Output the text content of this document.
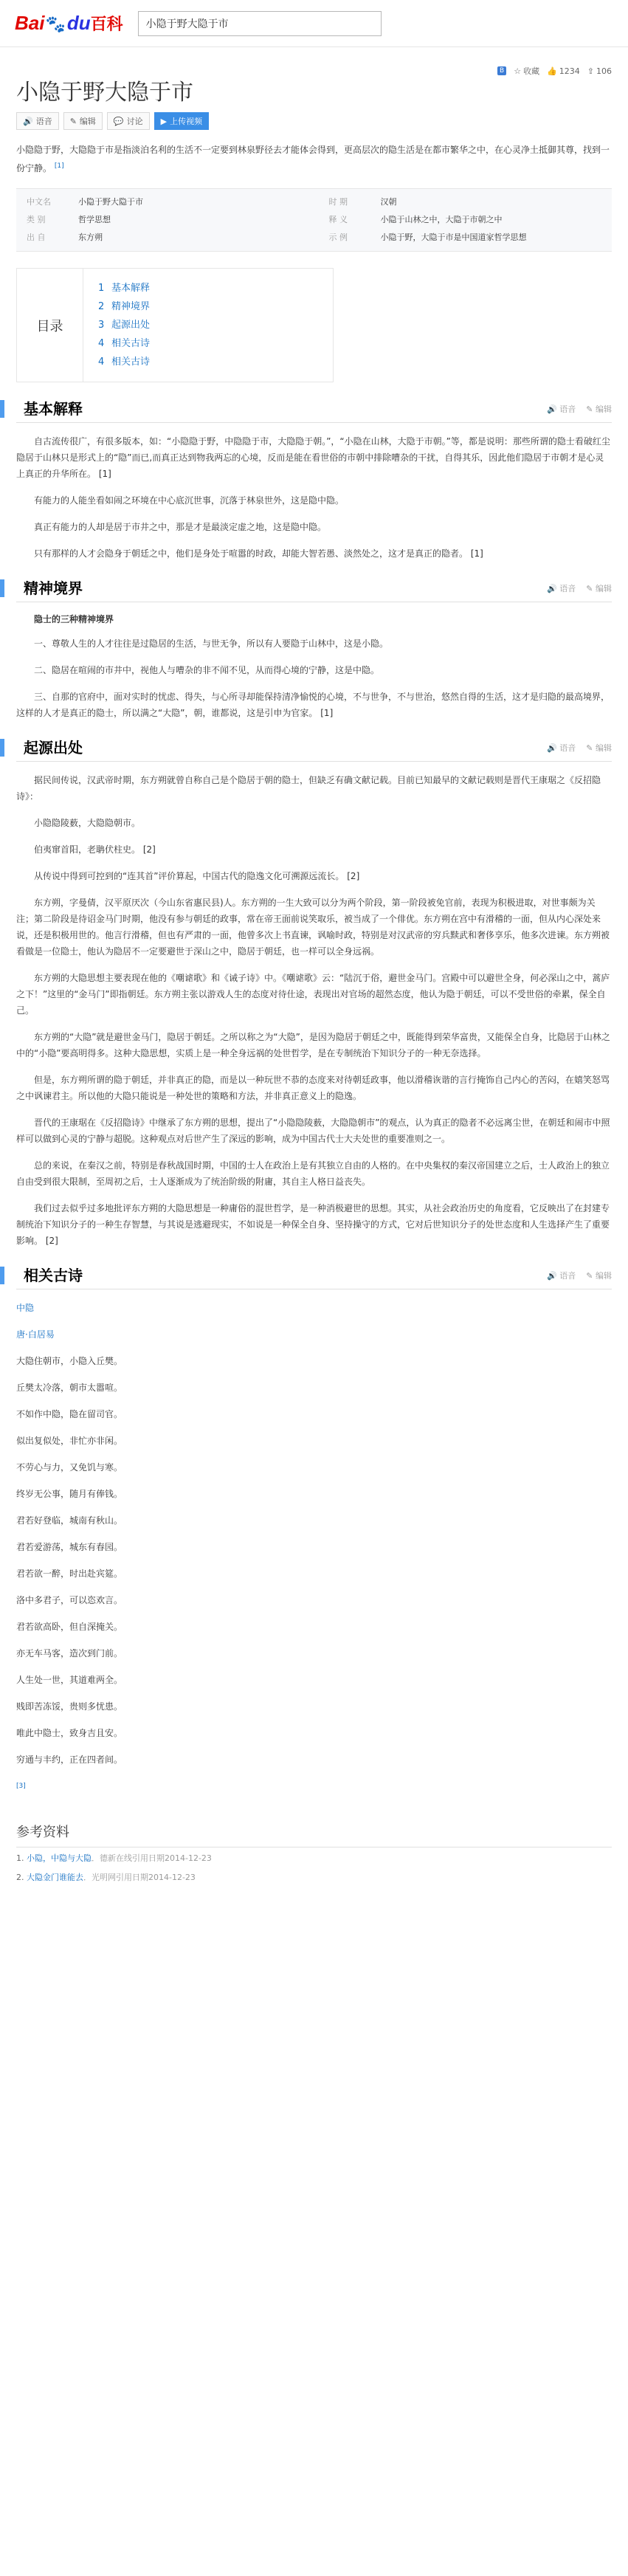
Bai 🐾 du 百科	小隐于野大隐于市
小隐于野大隐于市
B ☆ 收藏 👍 1234 ⇪ 106
🔊 语音 ✎ 编辑 💬 讨论 ▶ 上传视频
小隐隐于野，大隐隐于市是指淡泊名利的生活不一定要到林泉野径去才能体会得到，更高层次的隐生活是在都市繁华之中，在心灵净土抵御其尊，找到一份宁静。 [1]
中文名	小隐于野大隐于市	时 期	汉朝
类 别	哲学思想	释 义	小隐于山林之中，大隐于市朝之中
出 自	东方朔	示 例	小隐于野，大隐于市是中国道家哲学思想
目录
1 基本解释
2 精神境界
3 起源出处
4 相关古诗
4 相关古诗
基本解释	🔊 语音 ✎ 编辑

自古流传很广，有很多版本，如：“小隐隐于野，中隐隐于市，大隐隐于朝。”，“小隐在山林，大隐于市朝。”等，都是说明：那些所谓的隐士看破红尘隐居于山林只是形式上的“隐”而已,而真正达到物我两忘的心境，反而是能在看世俗的市朝中排除嘈杂的干扰，自得其乐，因此他们隐居于市朝才是心灵上真正的升华所在。 [1]

有能力的人能坐看如闹之环境在中心底沉世事，沉落于林泉世外，这是隐中隐。

真正有能力的人却是居于市井之中，那是才是最淡定虚之地，这是隐中隐。

只有那样的人才会隐身于朝廷之中，他们是身处于喧嚣的时政，却能大智若愚、淡然处之，这才是真正的隐者。 [1]

精神境界	🔊 语音 ✎ 编辑
隐士的三种精神境界

一、尊敬人生的人才往往是过隐居的生活，与世无争，所以有人要隐于山林中，这是小隐。

二、隐居在喧闹的市井中，视他人与嘈杂的非不闻不见，从而得心境的宁静，这是中隐。

三、自那的官府中，面对实时的忧虑、得失，与心所寻却能保持清净愉悦的心境，不与世争，不与世治，悠然自得的生活，这才是归隐的最高境界，这样的人才是真正的隐士，所以满之“大隐”，朝，谁都说，这是引申为官家。 [1]

起源出处	🔊 语音 ✎ 编辑

据民间传说，汉武帝时期，东方朔就曾自称自己是个隐居于朝的隐士，但缺乏有确文献记载。目前已知最早的文献记载则是晋代王康琚之《反招隐诗》：

小隐隐陵薮，大隐隐朝市。

伯夷窜首阳，老聃伏柱史。 [2]

从传说中得到可控到的“连其首”评价算起，中国古代的隐逸文化可溯源远流长。 [2]

东方朔，字曼倩，汉平原厌次（今山东省惠民县)人。东方朔的一生大致可以分为两个阶段，第一阶段被免官前，表现为积极进取，对世事颇为关注；第二阶段是待诏金马门时期，他没有参与朝廷的政事，常在帝王面前说笑取乐，被当成了一个俳优。东方朔在宫中有滑稽的一面，但从内心深处来说，还是积极用世的。他言行滑稽，但也有严肃的一面，他曾多次上书直谏，讽喻时政，特别是对汉武帝的穷兵黩武和奢侈享乐，他多次进谏。东方朔被看做是一位隐士，他认为隐居不一定要避世于深山之中，隐居于朝廷，也一样可以全身远祸。

东方朔的大隐思想主要表现在他的《嘲谑歌》和《诫子诗》中。《嘲谑歌》云：“陆沉于俗，避世金马门。宫殿中可以避世全身，何必深山之中，蒿庐之下！”这里的“金马门”即指朝廷。东方朔主张以游戏人生的态度对待仕途，表现出对官场的超然态度，他认为隐于朝廷，可以不受世俗的牵累，保全自己。

东方朔的“大隐”就是避世金马门，隐居于朝廷。之所以称之为“大隐”，是因为隐居于朝廷之中，既能得到荣华富贵，又能保全自身，比隐居于山林之中的“小隐”要高明得多。这种大隐思想，实质上是一种全身远祸的处世哲学，是在专制统治下知识分子的一种无奈选择。

但是，东方朔所谓的隐于朝廷，并非真正的隐，而是以一种玩世不恭的态度来对待朝廷政事，他以滑稽诙谐的言行掩饰自己内心的苦闷，在嬉笑怒骂之中讽谏君主。所以他的大隐只能说是一种处世的策略和方法，并非真正意义上的隐逸。

晋代的王康琚在《反招隐诗》中继承了东方朔的思想，提出了“小隐隐陵薮，大隐隐朝市”的观点，认为真正的隐者不必远离尘世，在朝廷和闹市中照样可以做到心灵的宁静与超脱。这种观点对后世产生了深远的影响，成为中国古代士大夫处世的重要准则之一。

总的来说，在秦汉之前，特别是春秋战国时期，中国的士人在政治上是有其独立自由的人格的。在中央集权的秦汉帝国建立之后，士人政治上的独立自由受到很大限制，至周初之后，士人逐渐成为了统治阶级的附庸，其自主人格日益丧失。

我们过去似乎过多地批评东方朔的大隐思想是一种庸俗的混世哲学，是一种消极避世的思想。其实，从社会政治历史的角度看，它反映出了在封建专制统治下知识分子的一种生存智慧，与其说是逃避现实，不如说是一种保全自身、坚持操守的方式，它对后世知识分子的处世态度和人生选择产生了重要影响。 [2]

相关古诗	🔊 语音 ✎ 编辑
中隐
唐·白居易
大隐住朝市，小隐入丘樊。
丘樊太冷落，朝市太嚣喧。
不如作中隐，隐在留司官。
似出复似处，非忙亦非闲。
不劳心与力，又免饥与寒。
终岁无公事，随月有俸钱。
君若好登临，城南有秋山。
君若爱游荡，城东有春园。
君若欲一醉，时出赴宾筵。
洛中多君子，可以恣欢言。
君若欲高卧，但自深掩关。
亦无车马客，造次到门前。
人生处一世，其道难两全。
贱即苦冻馁，贵则多忧患。
唯此中隐士，致身吉且安。
穷通与丰约，正在四者间。
[3]
参考资料
1. 小隐，中隐与大隐．德新在线引用日期2014-12-23
2. 大隐金门谁能去．光明网引用日期2014-12-23
